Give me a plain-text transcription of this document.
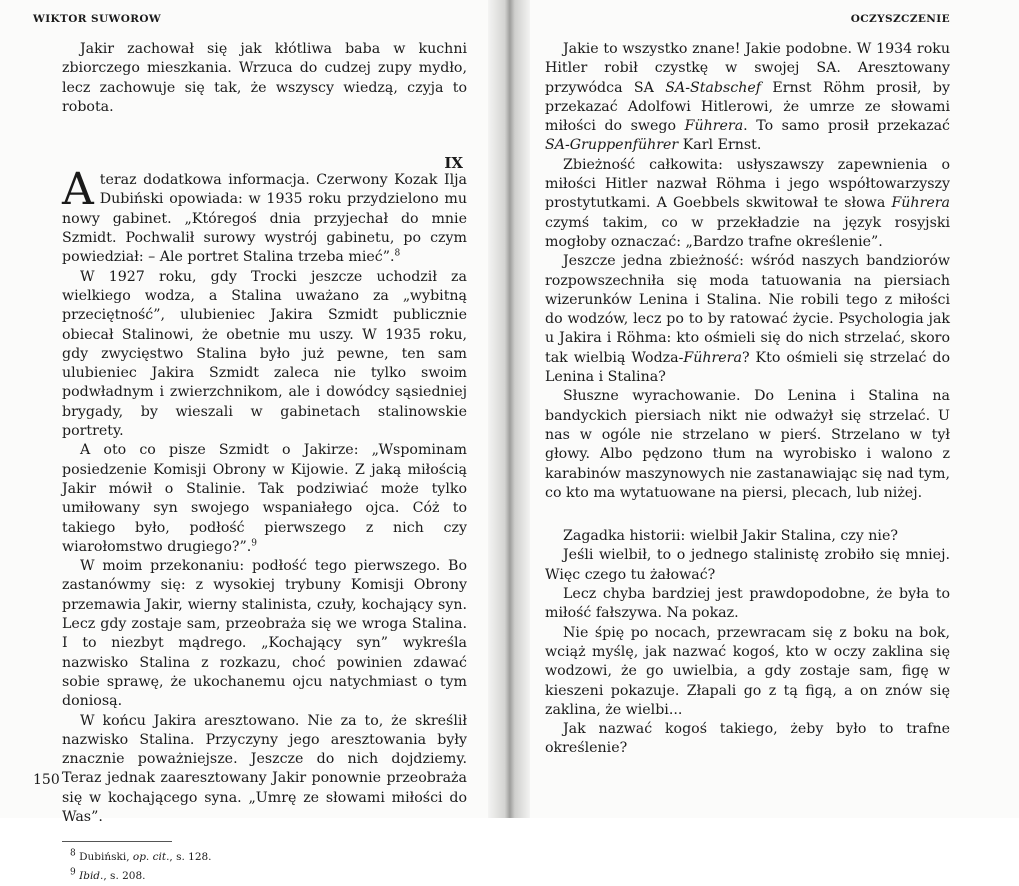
WIKTOR SUWOROW

Jakir zachował się jak kłótliwa baba w kuchni zbiorczego mieszkania. Wrzuca do cudzej zupy mydło, lecz zachowuje się tak, że wszyscy wiedzą, czyja to robota.

IX

A teraz dodatkowa informacja. Czerwony Kozak Ilja Dubiński opowiada: w 1935 roku przydzielono mu nowy gabinet. „Któregoś dnia przyjechał do mnie Szmidt. Pochwalił surowy wystrój gabinetu, po czym powiedział: – Ale portret Stalina trzeba mieć”.$^8$

W 1927 roku, gdy Trocki jeszcze uchodził za wielkiego wodza, a Stalina uważano za „wybitną przeciętność”, ulubieniec Jakira Szmidt publicznie obiecał Stalinowi, że obetnie mu uszy. W 1935 roku, gdy zwycięstwo Stalina było już pewne, ten sam ulubieniec Jakira Szmidt zaleca nie tylko swoim podwładnym i zwierzchnikom, ale i dowódcy sąsiedniej brygady, by wieszali w gabinetach stalinowskie portrety.

A oto co pisze Szmidt o Jakirze: „Wspominam posiedzenie Komisji Obrony w Kijowie. Z jaką miłością Jakir mówił o Stalinie. Tak podziwiać może tylko umiłowany syn swojego wspaniałego ojca. Cóż to takiego było, podłość pierwszego z nich czy wiarołomstwo drugiego?”.$^9$

W moim przekonaniu: podłość tego pierwszego. Bo zastanówmy się: z wysokiej trybuny Komisji Obrony przemawia Jakir, wierny stalinista, czuły, kochający syn. Lecz gdy zostaje sam, przeobraża się we wroga Stalina. I to niezbyt mądrego. „Kochający syn” wykreśla nazwisko Stalina z rozkazu, choć powinien zdawać sobie sprawę, że ukochanemu ojcu natychmiast o tym doniosą.

W końcu Jakira aresztowano. Nie za to, że skreślił nazwisko Stalina. Przyczyny jego aresztowania były znacznie poważniejsze. Jeszcze do nich dojdziemy. Teraz jednak zaaresztowany Jakir ponownie przeobraża się w kochającego syna. „Umrę ze słowami miłości do Was”.

$^8$ Dubiński, op. cit., s. 128.

$^9$ Ibid., s. 208.

150
OCZYSZCZENIE

Jakie to wszystko znane! Jakie podobne. W 1934 roku Hitler robił czystkę w swojej SA. Aresztowany przywódca SA SA-Stabschef Ernst Röhm prosił, by przekazać Adolfowi Hitlerowi, że umrze ze słowami miłości do swego Führera. To samo prosił przekazać SA-Gruppenführer Karl Ernst.

Zbieżność całkowita: usłyszawszy zapewnienia o miłości Hitler nazwał Röhma i jego współtowarzyszy prostytutkami. A Goebbels skwitował te słowa Führera czymś takim, co w przekładzie na język rosyjski mogłoby oznaczać: „Bardzo trafne określenie”.

Jeszcze jedna zbieżność: wśród naszych bandziorów rozpowszechniła się moda tatuowania na piersiach wizerunków Lenina i Stalina. Nie robili tego z miłości do wodzów, lecz po to by ratować życie. Psychologia jak u Jakira i Röhma: kto ośmieli się do nich strzelać, skoro tak wielbią Wodza-Führera? Kto ośmieli się strzelać do Lenina i Stalina?

Słuszne wyrachowanie. Do Lenina i Stalina na bandyckich piersiach nikt nie odważył się strzelać. U nas w ogóle nie strzelano w pierś. Strzelano w tył głowy. Albo pędzono tłum na wyrobisko i walono z karabinów maszynowych nie zastanawiając się nad tym, co kto ma wytatuowane na piersi, plecach, lub niżej.

Zagadka historii: wielbił Jakir Stalina, czy nie?

Jeśli wielbił, to o jednego stalinistę zrobiło się mniej. Więc czego tu żałować?

Lecz chyba bardziej jest prawdopodobne, że była to miłość fałszywa. Na pokaz.

Nie śpię po nocach, przewracam się z boku na bok, wciąż myślę, jak nazwać kogoś, kto w oczy zaklina się wodzowi, że go uwielbia, a gdy zostaje sam, figę w kieszeni pokazuje. Złapali go z tą figą, a on znów się zaklina, że wielbi...

Jak nazwać kogoś takiego, żeby było to trafne określenie?
